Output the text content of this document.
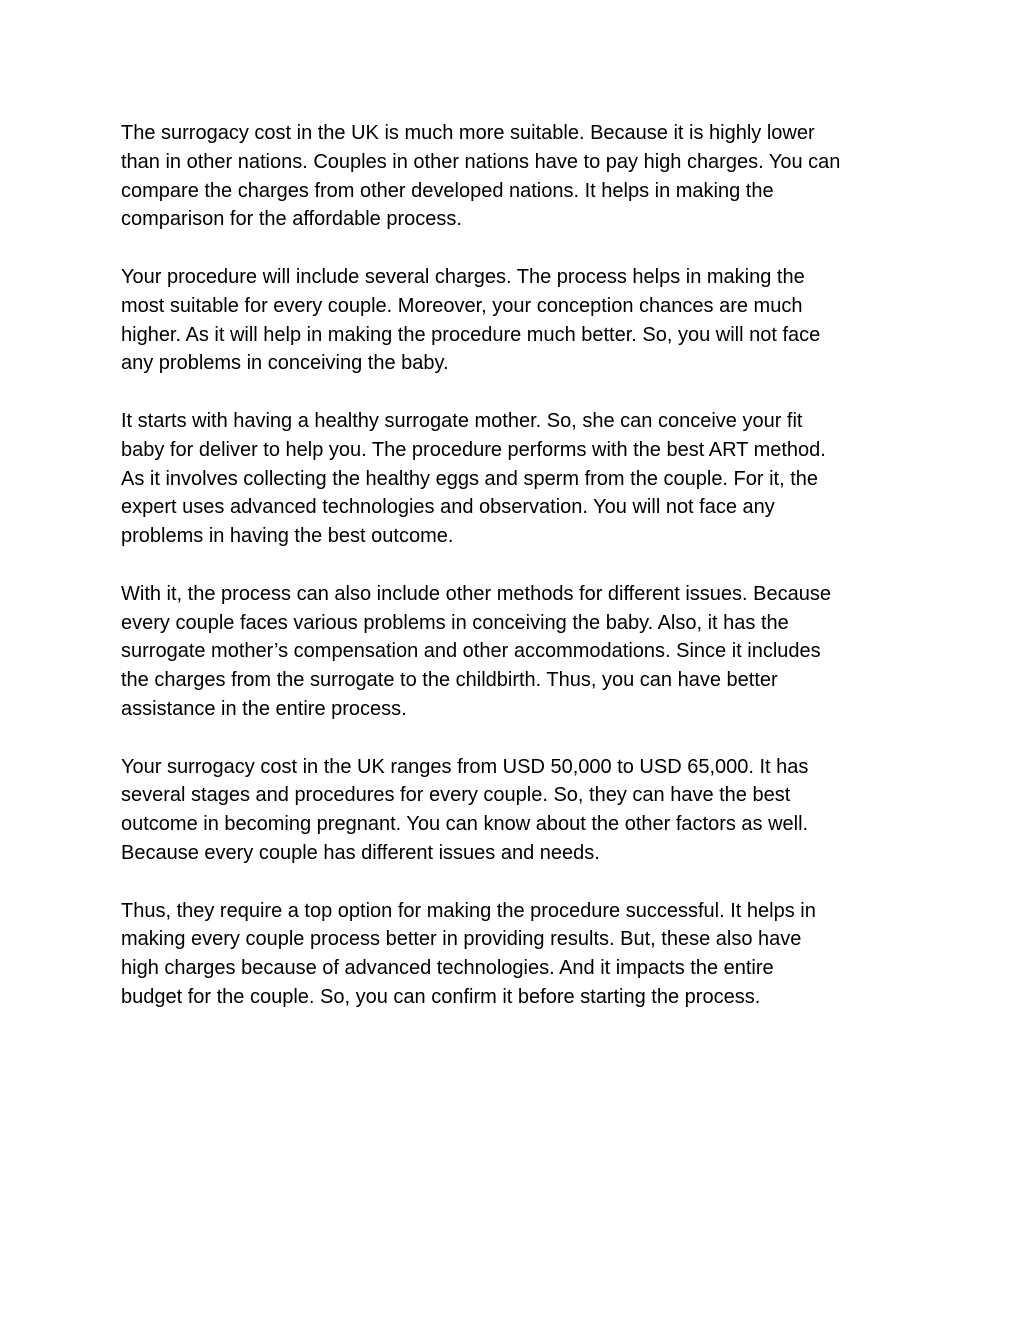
The surrogacy cost in the UK is much more suitable. Because it is highly lower
than in other nations. Couples in other nations have to pay high charges. You can
compare the charges from other developed nations. It helps in making the
comparison for the affordable process.

Your procedure will include several charges. The process helps in making the
most suitable for every couple. Moreover, your conception chances are much
higher. As it will help in making the procedure much better. So, you will not face
any problems in conceiving the baby.

It starts with having a healthy surrogate mother. So, she can conceive your fit
baby for deliver to help you. The procedure performs with the best ART method.
As it involves collecting the healthy eggs and sperm from the couple. For it, the
expert uses advanced technologies and observation. You will not face any
problems in having the best outcome.

With it, the process can also include other methods for different issues. Because
every couple faces various problems in conceiving the baby. Also, it has the
surrogate mother’s compensation and other accommodations. Since it includes
the charges from the surrogate to the childbirth. Thus, you can have better
assistance in the entire process.

Your surrogacy cost in the UK ranges from USD 50,000 to USD 65,000. It has
several stages and procedures for every couple. So, they can have the best
outcome in becoming pregnant. You can know about the other factors as well.
Because every couple has different issues and needs.

Thus, they require a top option for making the procedure successful. It helps in
making every couple process better in providing results. But, these also have
high charges because of advanced technologies. And it impacts the entire
budget for the couple. So, you can confirm it before starting the process.
